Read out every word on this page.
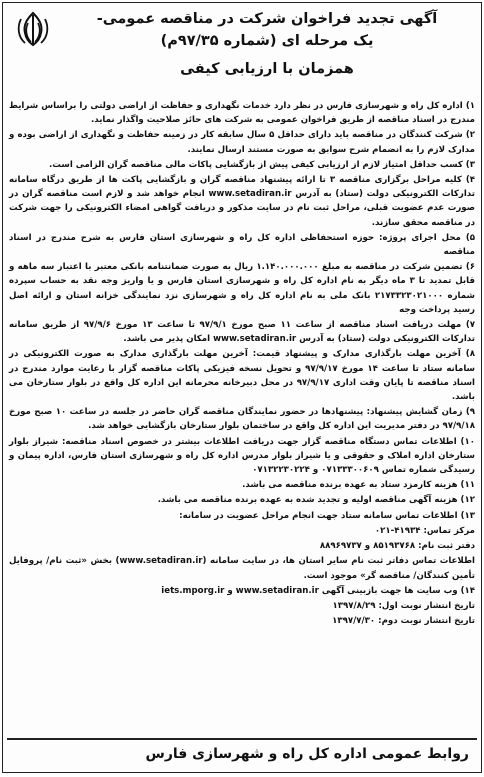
آگهی تجدید فراخوان شرکت در مناقصه عمومی-
یک مرحله ای (شماره ۹۷/۳۵م)
همزمان با ارزیابی کیفی

۱) اداره کل راه و شهرسازی فارس در نظر دارد خدمات نگهداری و حفاظت از اراضی دولتی را براساس شرایط مندرج در اسناد مناقصه از طریق فراخوان عمومی به شرکت های حائز صلاحیت واگذار نماید.

۲) شرکت کنندگان در مناقصه باید دارای حداقل ۵ سال سابقه کار در زمینه حفاظت و نگهداری از اراضی بوده و مدارک لازم را به انضمام شرح سوابق به صورت مستند ارسال نمایند.

۳) کسب حداقل امتیاز لازم از ارزیابی کیفی پیش از بازگشایی پاکات مالی مناقصه گران الزامی است.

۴) کلیه مراحل برگزاری مناقصه ۳ تا ارائه پیشنهاد مناقصه گران و بازگشایی پاکت ها از طریق درگاه سامانه تدارکات الکترونیکی دولت (ستاد) به آدرس www.setadiran.ir انجام خواهد شد و لازم است مناقصه گران در صورت عدم عضویت قبلی، مراحل ثبت نام در سایت مذکور و دریافت گواهی امضاء الکترونیکی را جهت شرکت در مناقصه محقق سازند.

۵) محل اجرای پروژه: حوزه استحفاظی اداره کل راه و شهرسازی استان فارس به شرح مندرج در اسناد مناقصه

۶) تضمین شرکت در مناقصه به مبلغ ۱.۱۴۰.۰۰۰.۰۰۰ ریال به صورت ضمانتنامه بانکی معتبر با اعتبار سه ماهه و قابل تمدید تا ۳ ماه دیگر به نام اداره کل راه و شهرسازی استان فارس و یا واریز وجه نقد به حساب سپرده شماره ۲۱۷۳۳۲۳۰۲۱۰۰۰ بانک ملی به نام اداره کل راه و شهرسازی نزد نمایندگی خزانه استان و ارائه اصل رسید پرداخت وجه

۷) مهلت دریافت اسناد مناقصه از ساعت ۱۱ صبح مورخ ۹۷/۹/۱ تا ساعت ۱۳ مورخ ۹۷/۹/۶ از طریق سامانه تدارکات الکترونیکی دولت (ستاد) به آدرس www.setadiran.ir امکان پذیر می باشد.

۸) آخرین مهلت بارگذاری مدارک و پیشنهاد قیمت: آخرین مهلت بارگذاری مدارک به صورت الکترونیکی در سامانه ستاد تا ساعت ۱۴ مورخ ۹۷/۹/۱۷ و تحویل نسخه فیزیکی پاکات مناقصه گزار با رعایت موارد مندرج در اسناد مناقصه تا پایان وقت اداری ۹۷/۹/۱۷ در محل دبیرخانه محرمانه این اداره کل واقع در بلوار ستارخان می باشد.

۹) زمان گشایش پیشنهاد: پیشنهادها در حضور نمایندگان مناقصه گران حاضر در جلسه در ساعت ۱۰ صبح مورخ ۹۷/۹/۱۸ در دفتر مدیریت این اداره کل واقع در ساختمان بلوار ستارخان بازگشایی خواهد شد.

۱۰) اطلاعات تماس دستگاه مناقصه گزار جهت دریافت اطلاعات بیشتر در خصوص اسناد مناقصه: شیراز بلوار ستارخان اداره املاک و حقوقی و یا شیراز بلوار مدرس اداره کل راه و شهرسازی استان فارس، اداره پیمان و رسیدگی شماره تماس ۰۷۱۳۳۳۰۰۶۰۹ و ۰۷۱۳۲۲۳۰۲۲۴

۱۱) هزینه کارمزد ستاد به عهده برنده مناقصه می باشد.

۱۲) هزینه آگهی مناقصه اولیه و تجدید شده به عهده برنده مناقصه می باشد.

۱۳) اطلاعات تماس سامانه ستاد جهت انجام مراحل عضویت در سامانه:

مرکز تماس: ۴۱۹۳۴-۰۲۱

دفتر ثبت نام: ۸۵۱۹۳۷۶۸ و ۸۸۹۶۹۷۳۷

اطلاعات تماس دفاتر ثبت نام سایر استان ها، در سایت سامانه (www.setadiran.ir) بخش «ثبت نام/ پروفایل تأمین کنندگان/ مناقصه گر» موجود است.

۱۴) وب سایت ها جهت بازبینی آگهی www.setadiran.ir و iets.mporg.ir

تاریخ انتشار نوبت اول: ۱۳۹۷/۸/۲۹

تاریخ انتشار نوبت دوم: ۱۳۹۷/۷/۳۰

روابط عمومی اداره کل راه و شهرسازی فارس
